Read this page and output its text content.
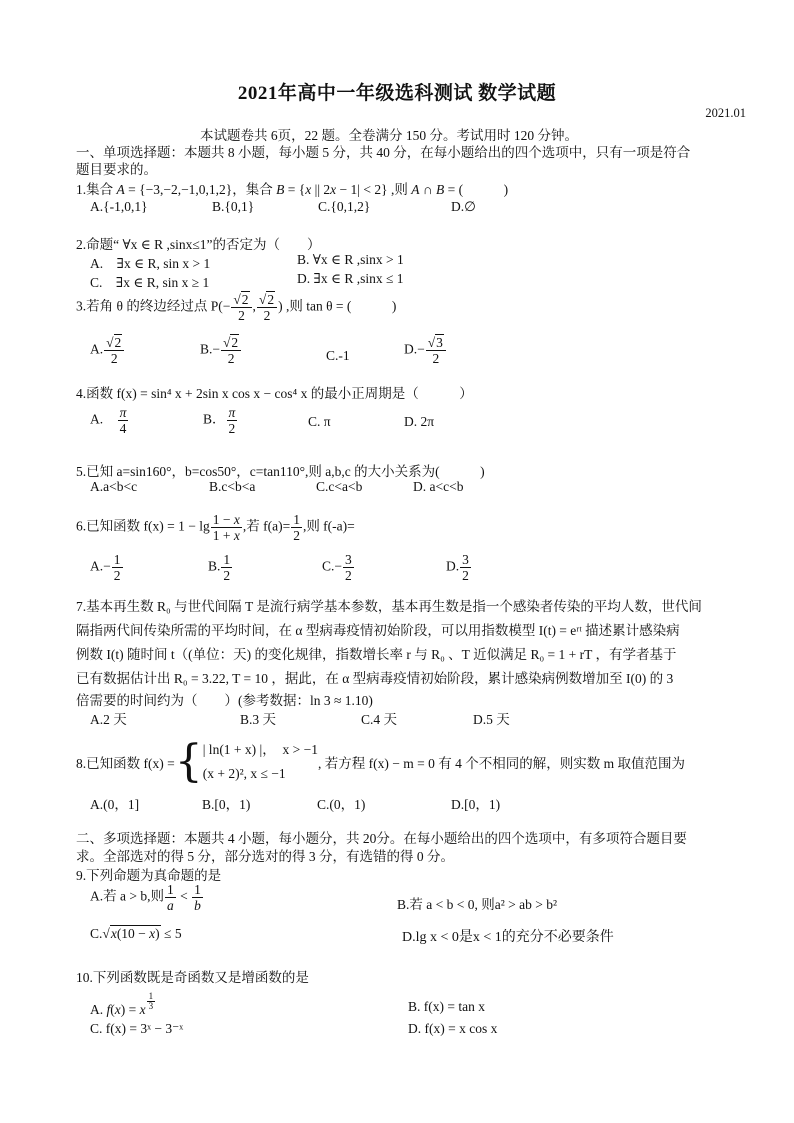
2021年高中一年级选科测试 数学试题
2021.01
本试题卷共 6页，22 题。全卷满分 150 分。考试用时 120 分钟。
一、单项选择题：本题共 8 小题，每小题 5 分，共 40 分，在每小题给出的四个选项中，只有一项是符合
题目要求的。
1.集合 A = {−3,−2,−1,0,1,2}，集合 B = {x || 2x − 1| < 2} ,则 A ∩ B = (　　　)
A.{-1,0,1}	B.{0,1}	C.{0,1,2}	D.∅
2.命题“ ∀x ∈ R ,sinx≤1”的否定为（　　）
A.　∃x ∈ R, sin x > 1	B. ∀x ∈ R ,sinx > 1
C.　∃x ∈ R, sin x ≥ 1	D. ∃x ∈ R ,sinx ≤ 1
3.若角 θ 的终边经过点 $P(- \frac{√2}{2}$ , $\frac{√2}{2}$ ) ,则 tan θ = (　　　)
A. $\frac{√2}{2}$	$B.- \frac{√2}{2}$	C.-1	$D.- \frac{√3}{2}$
4.函数 f(x) = sin⁴ x + 2sin x cos x − cos⁴ x 的最小正周期是（　　　）
A.　 $\frac{\pi}{4}$	B． $\frac{\pi}{2}$	C. π	D. 2π
5.已知 a=sin160°，b=cos50°，c=tan110°,则 a,b,c 的大小关系为(　　　)
A.a<b<c	B.c<b<a	C.c<a<b	D. a<c<b
6.已知函数 $f(x) = 1 - \lg \frac{1 - x}{1 + x}$ ,若 $f(a)= \frac{1}{2}$ ,则 f(-a)=
$A.- \frac{1}{2}$	B. $\frac{1}{2}$	$C.- \frac{3}{2}$	D. $\frac{3}{2}$
7.基本再生数 R₀ 与世代间隔 T 是流行病学基本参数，基本再生数是指一个感染者传染的平均人数，世代间
隔指两代间传染所需的平均时间，在 α 型病毒疫情初始阶段，可以用指数模型 I(t) = eʳᵗ 描述累计感染病
例数 I(t) 随时间 t（(单位：天) 的变化规律，指数增长率 r 与 R₀ 、T 近似满足 R₀ = 1 + rT ，有学者基于
已有数据估计出 R₀ = 3.22, T = 10 ，据此，在 α 型病毒疫情初始阶段，累计感染病例数增加至 I(0) 的 3
倍需要的时间约为（　　）(参考数据：ln 3 ≈ 1.10)
A.2 天	B.3 天	C.4 天	D.5 天
8.已知函数 f(x) ={ | ln(1 + x) |，　x > −1
(x + 2)², x ≤ −1
, 若方程 f(x) − m = 0 有 4 个不相同的解，则实数 m 取值范围为
A.(0，1]	B.[0，1)	C.(0，1)	D.[0，1)
二、多项选择题：本题共 4 小题，每小题分，共 20分。在每小题给出的四个选项中，有多项符合题目要
求。全部选对的得 5 分，部分选对的得 3 分，有选错的得 0 分。
9.下列命题为真命题的是
A.若 a > b,则 $\frac{1}{a} < \frac{1}{b}$	B.若 a < b < 0, 则a² > ab > b²
C.√x(10 − x) ≤ 5	D.lg x < 0是x < 1的充分不必要条件
10.下列函数既是奇函数又是增函数的是
A. f(x) = x $^{\frac{1}{3}}$	B. f(x) = tan x
C. f(x) = 3ˣ − 3⁻ˣ	D. f(x) = x cos x
